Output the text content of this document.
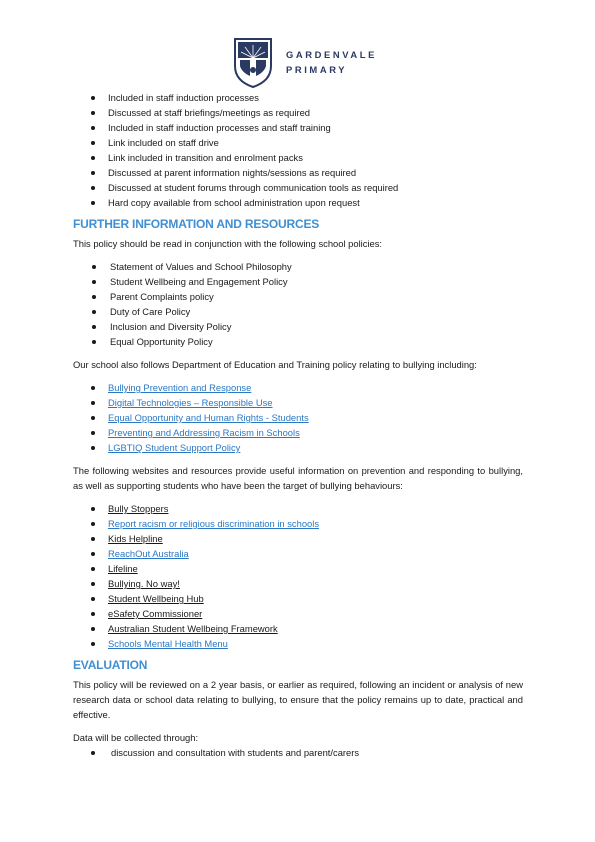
GARDENVALE
PRIMARY
Included in staff induction processes
Discussed at staff briefings/meetings as required
Included in staff induction processes and staff training
Link included on staff drive
Link included in transition and enrolment packs
Discussed at parent information nights/sessions as required
Discussed at student forums through communication tools as required
Hard copy available from school administration upon request
FURTHER INFORMATION AND RESOURCES

This policy should be read in conjunction with the following school policies:

Statement of Values and School Philosophy
Student Wellbeing and Engagement Policy
Parent Complaints policy
Duty of Care Policy
Inclusion and Diversity Policy
Equal Opportunity Policy

Our school also follows Department of Education and Training policy relating to bullying including:

Bullying Prevention and Response
Digital Technologies – Responsible Use
Equal Opportunity and Human Rights - Students
Preventing and Addressing Racism in Schools
LGBTIQ Student Support Policy

The following websites and resources provide useful information on prevention and responding to bullying, as well as supporting students who have been the target of bullying behaviours:

Bully Stoppers
Report racism or religious discrimination in schools
Kids Helpline
ReachOut Australia
Lifeline
Bullying. No way!
Student Wellbeing Hub
eSafety Commissioner
Australian Student Wellbeing Framework
Schools Mental Health Menu
EVALUATION

This policy will be reviewed on a 2 year basis, or earlier as required, following an incident or analysis of new research data or school data relating to bullying, to ensure that the policy remains up to date, practical and effective.

Data will be collected through:

discussion and consultation with students and parent/carers
